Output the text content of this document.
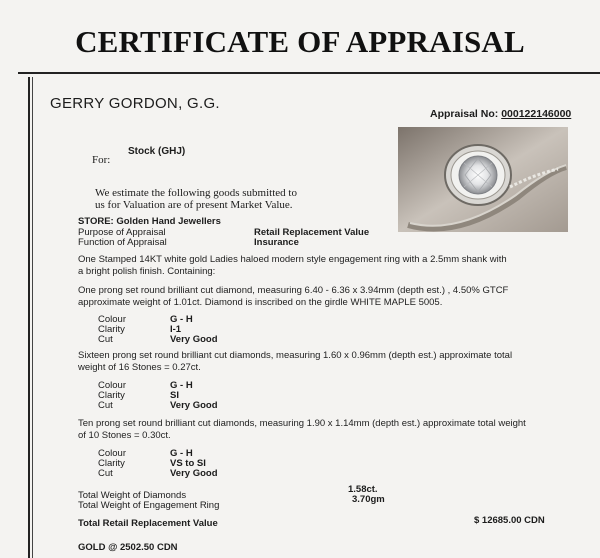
CERTIFICATE OF APPRAISAL
GERRY GORDON, G.G.
Appraisal No: 000122146000
Stock (GHJ)
For:
We estimate the following goods submitted to
us for Valuation are of present Market Value.
STORE: Golden Hand Jewellers
Purpose of Appraisal	Retail Replacement Value
Function of Appraisal	Insurance
One Stamped 14KT white gold Ladies haloed modern style engagement ring with a 2.5mm shank with
a bright polish finish. Containing:
One prong set round brilliant cut diamond, measuring 6.40 - 6.36 x 3.94mm (depth est.) , 4.50% GTCF
approximate weight of 1.01ct. Diamond is inscribed on the girdle WHITE MAPLE 5005.
Colour	G - H
Clarity	I-1
Cut	Very Good
Sixteen prong set round brilliant cut diamonds, measuring 1.60 x 0.96mm (depth est.) approximate total
weight of 16 Stones = 0.27ct.
Colour	G - H
Clarity	SI
Cut	Very Good
Ten prong set round brilliant cut diamonds, measuring 1.90 x 1.14mm (depth est.) approximate total weight
of 10 Stones = 0.30ct.
Colour	G - H
Clarity	VS to SI
Cut	Very Good
Total Weight of Diamonds
1.58ct.
Total Weight of Engagement Ring
3.70gm
Total Retail Replacement Value	$ 12685.00 CDN
GOLD @ 2502.50 CDN
